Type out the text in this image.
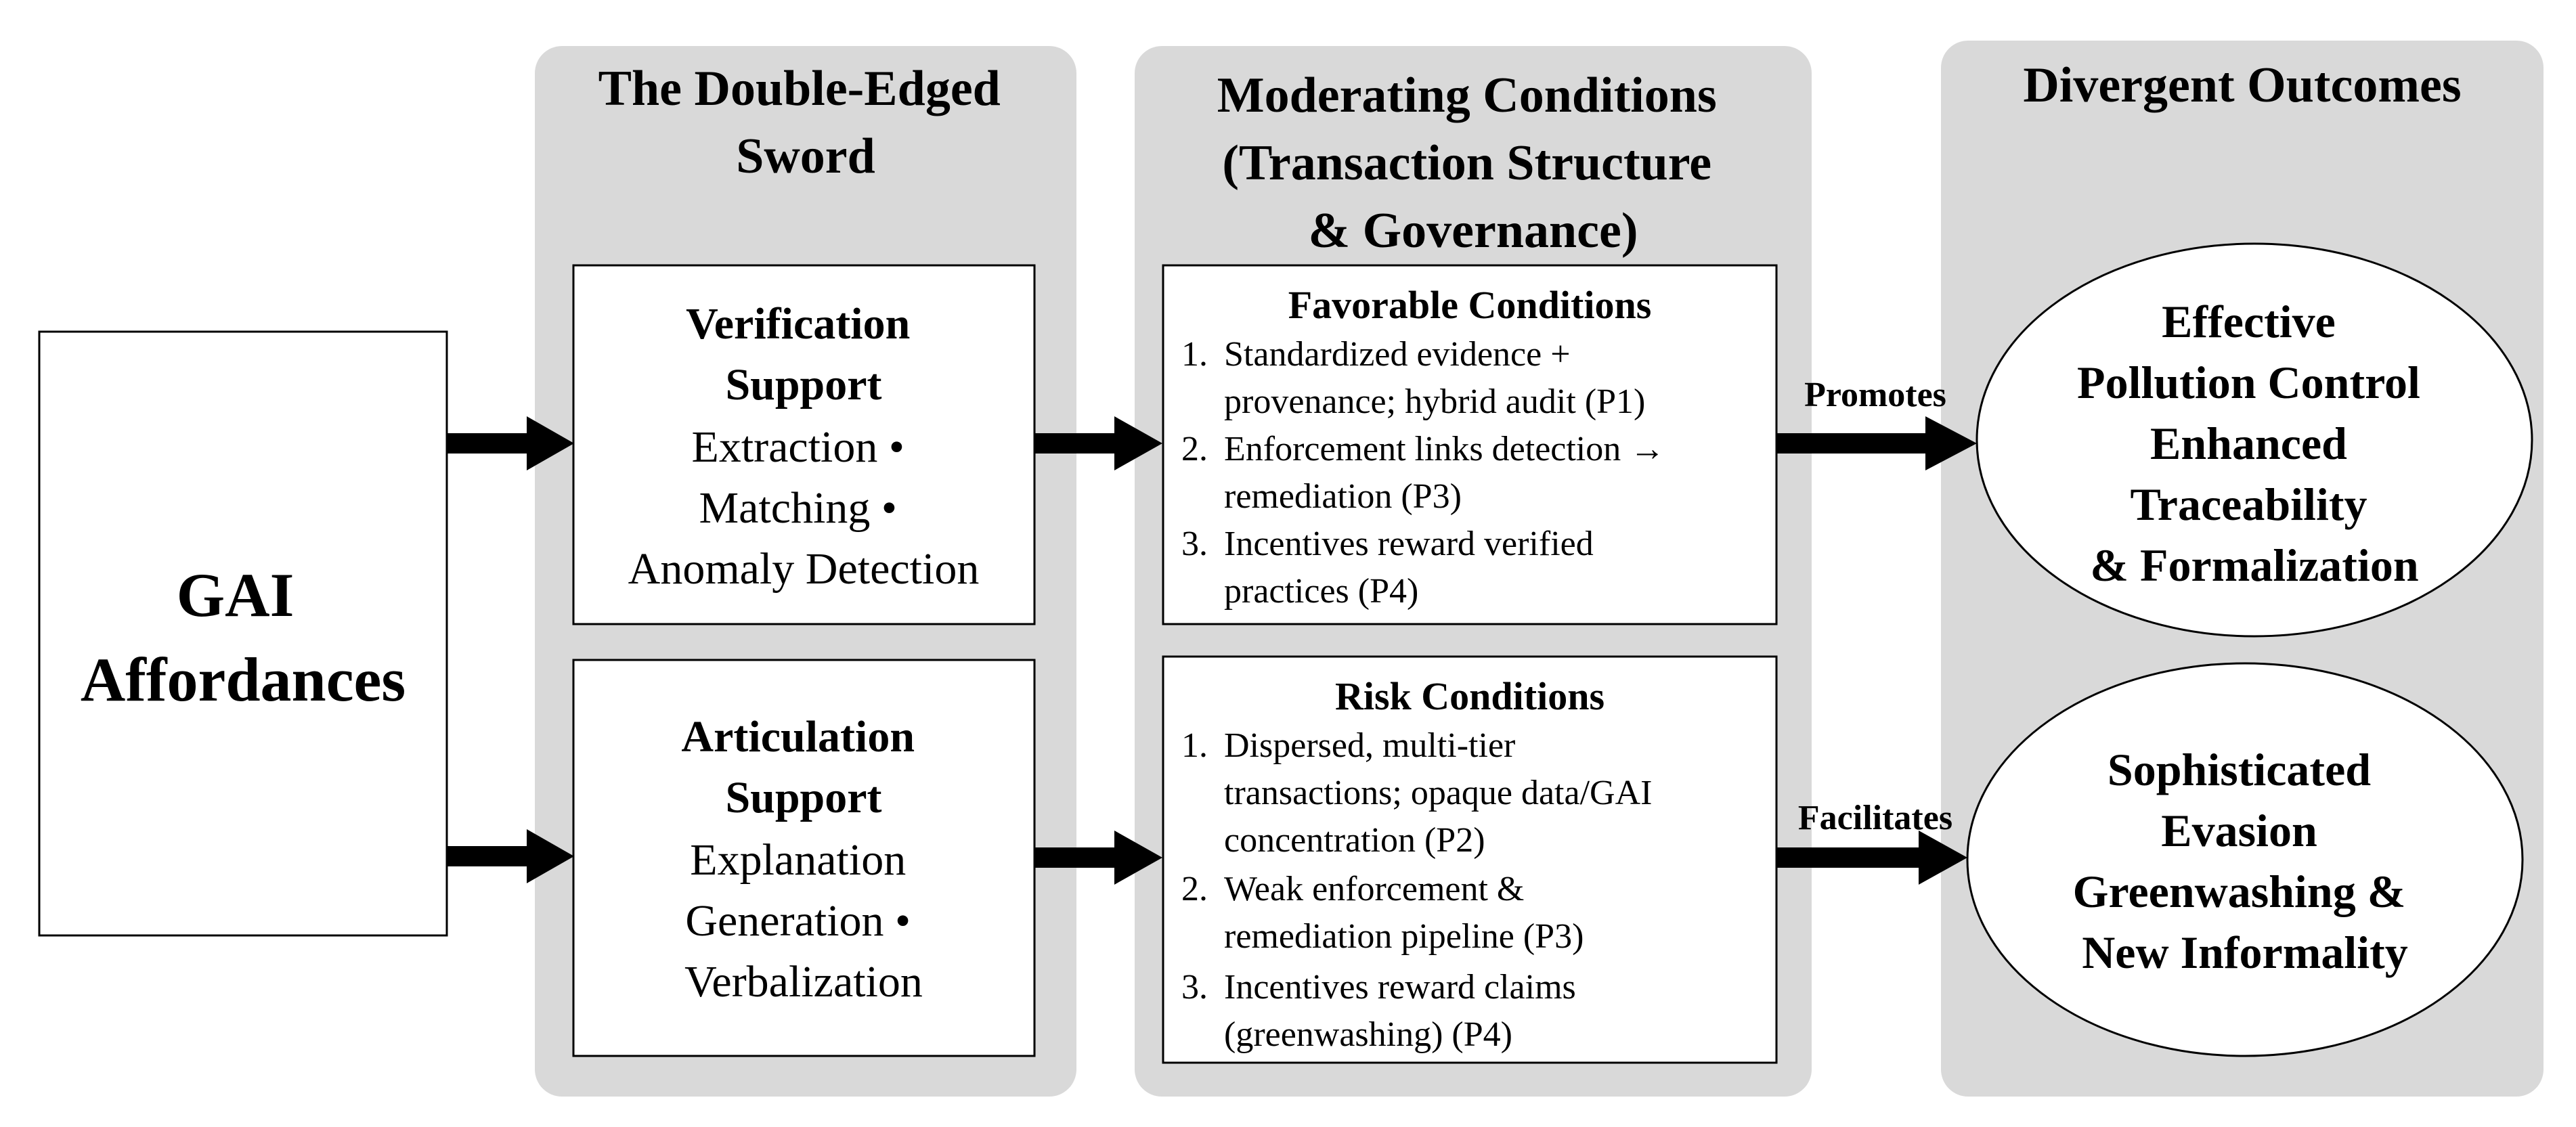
The Double-Edged Sword
Moderating Conditions (Transaction Structure & Governance)
Divergent Outcomes
GAI Affordances
Verification Support
Extraction • Matching • Anomaly Detection
Articulation Support
Explanation Generation • Verbalization
Favorable Conditions
1. Standardized evidence + provenance; hybrid audit (P1)
2. Enforcement links detection → remediation (P3)
3. Incentives reward verified practices (P4)
Risk Conditions
1. Dispersed, multi-tier transactions; opaque data/GAI concentration (P2)
2. Weak enforcement & remediation pipeline (P3)
3. Incentives reward claims (greenwashing) (P4)
Effective Pollution Control Enhanced Traceability & Formalization
Sophisticated Evasion Greenwashing & New Informality
Promotes
Facilitates
